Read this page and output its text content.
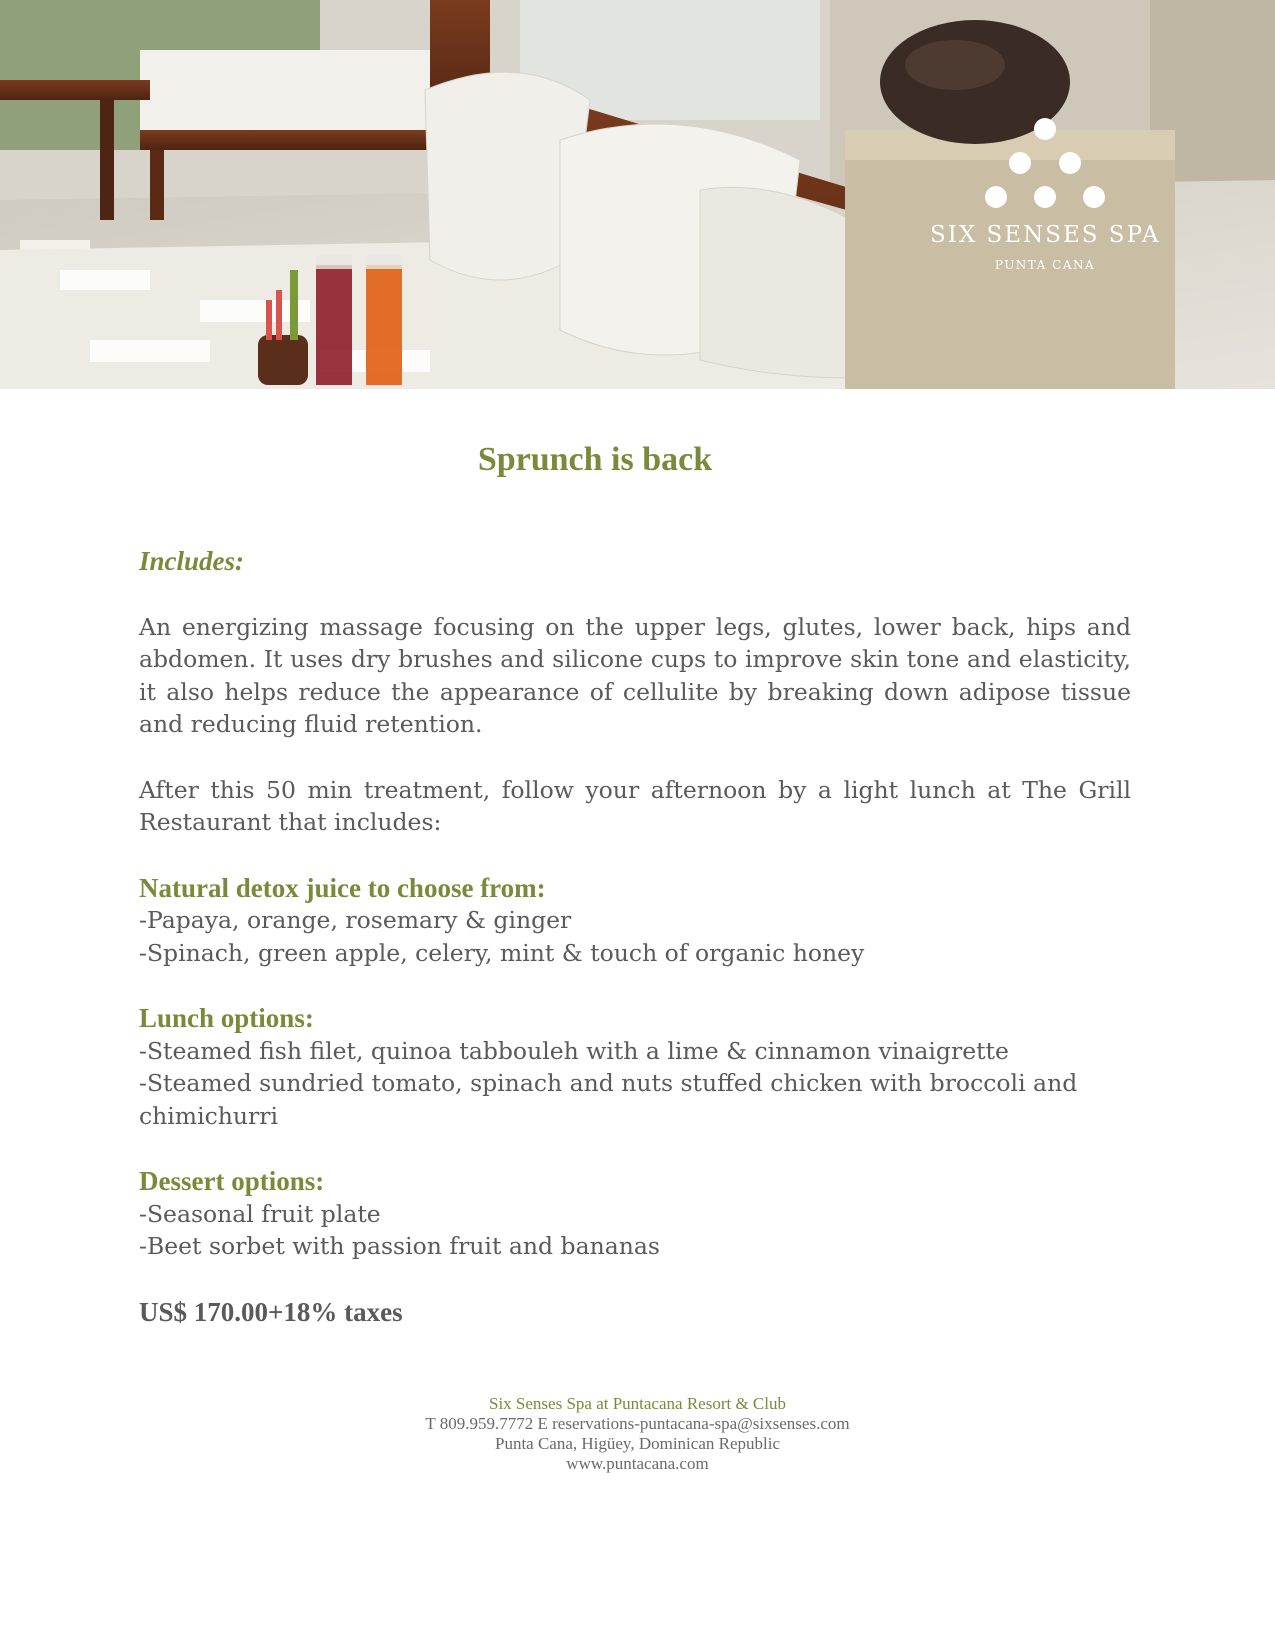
SIX SENSES SPA
PUNTA CANA
Sprunch is back

Includes:

An energizing massage focusing on the upper legs, glutes, lower back, hips and abdomen. It uses dry brushes and silicone cups to improve skin tone and elasticity, it also helps reduce the appearance of cellulite by breaking down adipose tissue and reducing fluid retention.

After this 50 min treatment, follow your afternoon by a light lunch at The Grill Restaurant that includes:

Natural detox juice to choose from:

-Papaya, orange, rosemary & ginger

-Spinach, green apple, celery, mint & touch of organic honey

Lunch options:

-Steamed fish filet, quinoa tabbouleh with a lime & cinnamon vinaigrette

-Steamed sundried tomato, spinach and nuts stuffed chicken with broccoli and chimichurri

Dessert options:

-Seasonal fruit plate

-Beet sorbet with passion fruit and bananas

US$ 170.00+18% taxes

Six Senses Spa at Puntacana Resort & Club
T 809.959.7772 E reservations-puntacana-spa@sixsenses.com
Punta Cana, Higüey, Dominican Republic
www.puntacana.com
